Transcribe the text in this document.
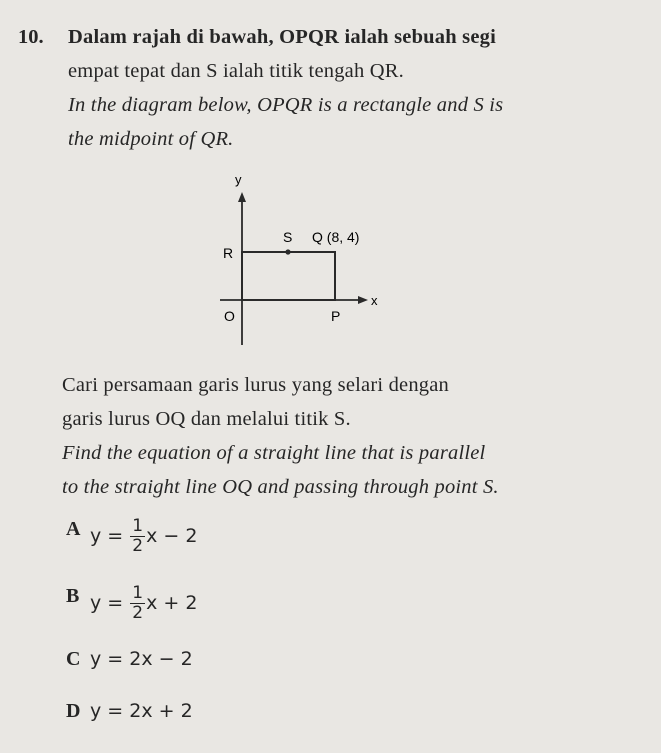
10. Dalam rajah di bawah, OPQR ialah sebuah segi
empat tepat dan S ialah titik tengah QR.
In the diagram below, OPQR is a rectangle and S is
the midpoint of QR.
y
x
O	P
R
S Q (8, 4)
Cari persamaan garis lurus yang selari dengan
garis lurus OQ dan melalui titik S.
Find the equation of a straight line that is parallel
to the straight line OQ and passing through point S.
A $y = \frac{1}{2}$ x − 2
B $y = \frac{1}{2}$ x + 2
C y = 2x − 2
D y = 2x + 2
